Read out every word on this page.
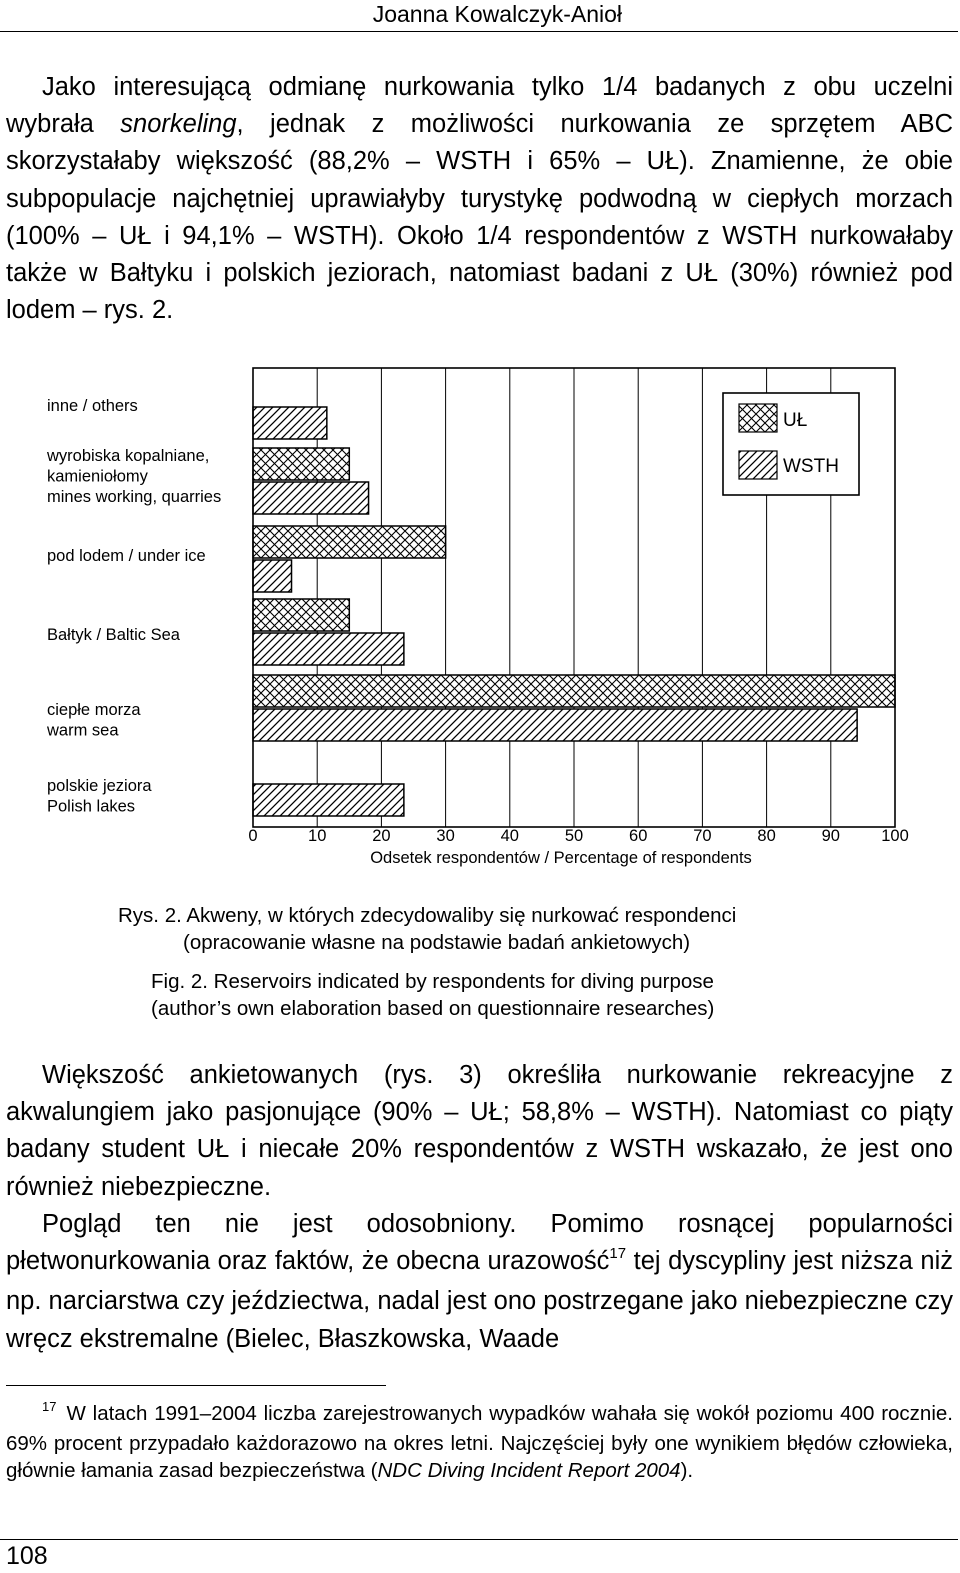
Joanna Kowalczyk-Anioł
Jako interesującą odmianę nurkowania tylko 1/4 badanych z obu uczelni wybrała snorkeling, jednak z możliwości nurkowania ze sprzętem ABC skorzystałaby większość (88,2% – WSTH i 65% – UŁ). Znamienne, że obie subpopulacje najchętniej uprawiałyby turystykę podwodną w ciepłych morzach (100% – UŁ i 94,1% – WSTH). Około 1/4 respondentów z WSTH nurkowałaby także w Bałtyku i polskich jeziorach, natomiast badani z UŁ (30%) również pod lodem – rys. 2.
inne / others
wyrobiska kopalniane, kamieniołomy mines working, quarries
pod lodem / under ice
Bałtyk / Baltic Sea
ciepłe morza warm sea
polskie jeziora Polish lakes
0	10	20	30	40	50	60	70	80	90	100
Odsetek respondentów / Percentage of respondents
UŁ
WSTH
Rys. 2. Akweny, w których zdecydowaliby się nurkować respondenci
(opracowanie własne na podstawie badań ankietowych)
Fig. 2. Reservoirs indicated by respondents for diving purpose
(author’s own elaboration based on questionnaire researches)
Większość ankietowanych (rys. 3) określiła nurkowanie rekreacyjne z akwalungiem jako pasjonujące (90% – UŁ; 58,8% – WSTH). Natomiast co piąty badany student UŁ i niecałe 20% respondentów z WSTH wskazało, że jest ono również niebezpieczne.
Pogląd ten nie jest odosobniony. Pomimo rosnącej popularności płetwonurkowania oraz faktów, że obecna urazowość$^{17}$ tej dyscypliny jest niższa niż np. narciarstwa czy jeździectwa, nadal jest ono postrzegane jako niebezpieczne czy wręcz ekstremalne (Bielec, Błaszkowska, Waade
$^{17}$ W latach 1991–2004 liczba zarejestrowanych wypadków wahała się wokół poziomu 400 rocznie. 69% procent przypadało każdorazowo na okres letni. Najczęściej były one wynikiem błędów człowieka, głównie łamania zasad bezpieczeństwa (NDC Diving Incident Report 2004).
108
